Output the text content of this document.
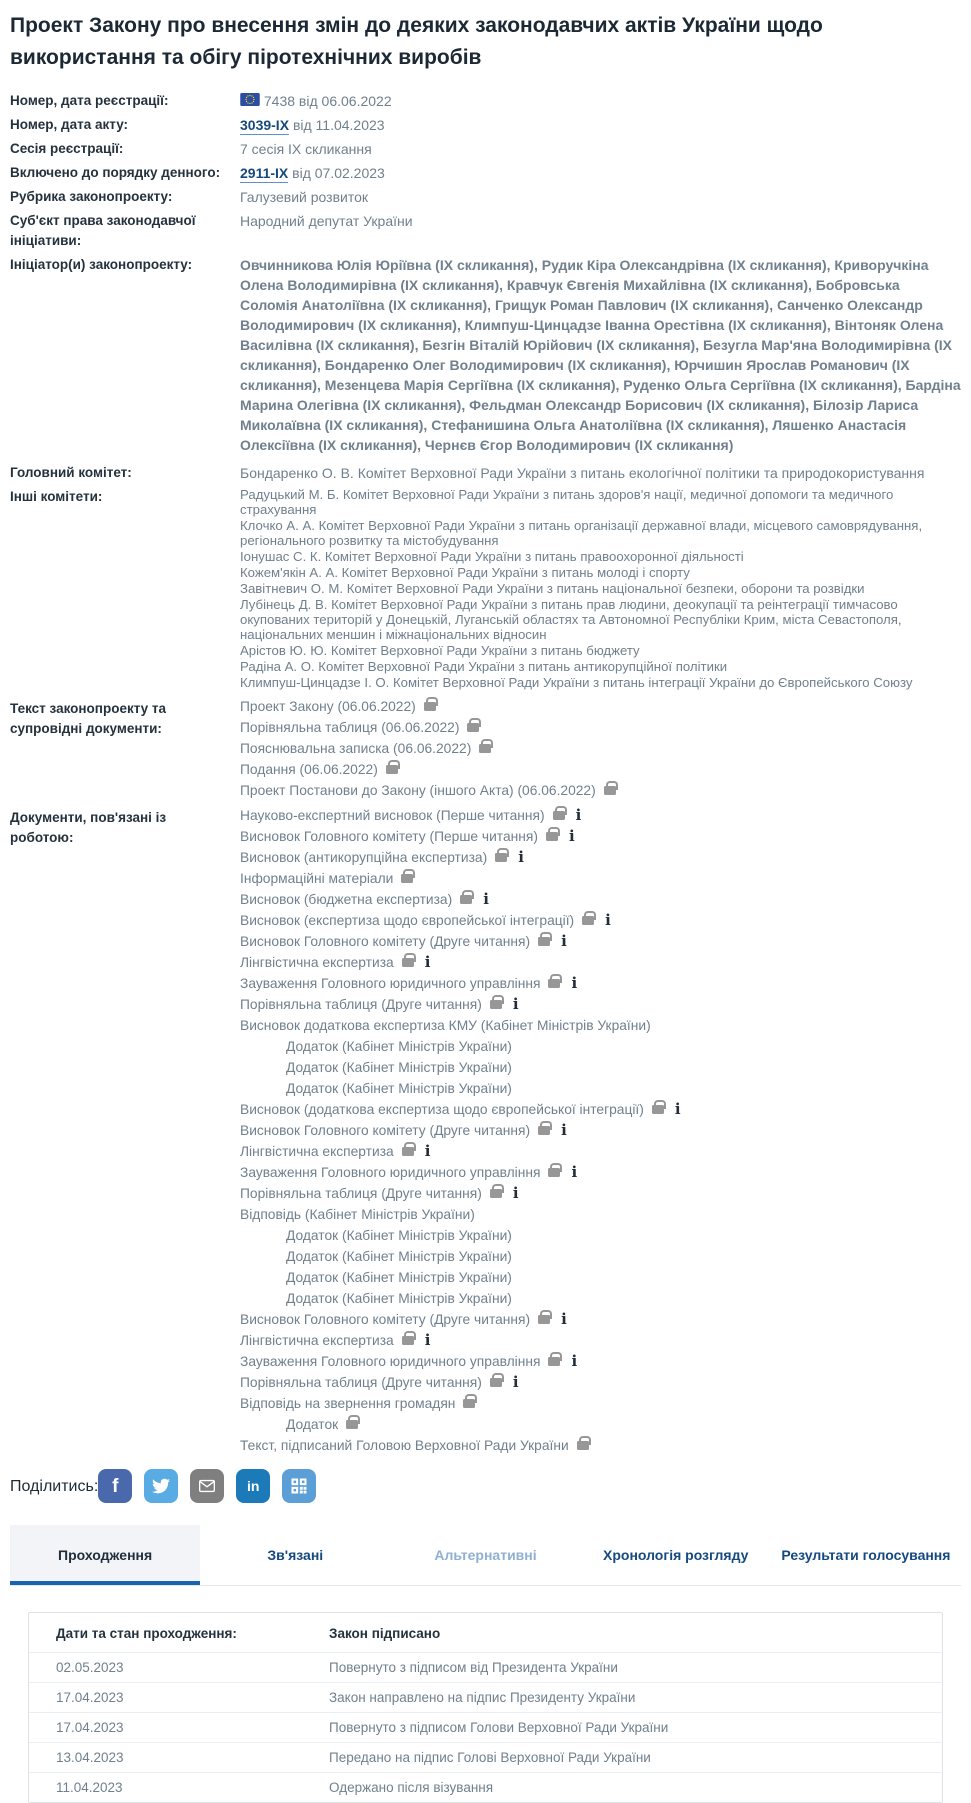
Проект Закону про внесення змін до деяких законодавчих актів України щодо використання та обігу піротехнічних виробів
Номер, дата реєстрації:	7438 від 06.06.2022
Номер, дата акту:	3039-IX від 11.04.2023
Сесія реєстрації:	7 сесія IX скликання
Включено до порядку денного:	2911-IX від 07.02.2023
Рубрика законопроекту:	Галузевий розвиток
Суб'єкт права законодавчої ініціативи:
Народний депутат України
Ініціатор(и) законопроекту:	Овчинникова Юлія Юріївна (ІХ скликання), Рудик Кіра Олександрівна (ІХ скликання), Криворучкіна Олена Володимирівна (ІХ скликання), Кравчук Євгенія Михайлівна (ІХ скликання), Бобровська Соломія Анатоліївна (ІХ скликання), Грищук Роман Павлович (ІХ скликання), Санченко Олександр Володимирович (ІХ скликання), Климпуш-Цинцадзе Іванна Орестівна (ІХ скликання), Вінтоняк Олена Василівна (ІХ скликання), Безгін Віталій Юрійович (ІХ скликання), Безугла Мар'яна Володимирівна (ІХ скликання), Бондаренко Олег Володимирович (ІХ скликання), Юрчишин Ярослав Романович (ІХ скликання), Мезенцева Марія Сергіївна (ІХ скликання), Руденко Ольга Сергіївна (ІХ скликання), Бардіна Марина Олегівна (ІХ скликання), Фельдман Олександр Борисович (ІХ скликання), Білозір Лариса Миколаївна (ІХ скликання), Стефанишина Ольга Анатоліївна (ІХ скликання), Ляшенко Анастасія Олексіївна (ІХ скликання), Чернєв Єгор Володимирович (ІХ скликання)
Головний комітет:	Бондаренко О. В. Комітет Верховної Ради України з питань екологічної політики та природокористування
Інші комітети:	Радуцький М. Б. Комітет Верховної Ради України з питань здоров'я нації, медичної допомоги та медичного страхування
Клочко А. А. Комітет Верховної Ради України з питань організації державної влади, місцевого самоврядування, регіонального розвитку та містобудування
Іонушас С. К. Комітет Верховної Ради України з питань правоохоронної діяльності
Кожем'якін А. А. Комітет Верховної Ради України з питань молоді і спорту
Завітневич О. М. Комітет Верховної Ради України з питань національної безпеки, оборони та розвідки
Лубінець Д. В. Комітет Верховної Ради України з питань прав людини, деокупації та реінтеграції тимчасово окупованих територій у Донецькій, Луганській областях та Автономної Республіки Крим, міста Севастополя, національних меншин і міжнаціональних відносин
Арістов Ю. Ю. Комітет Верховної Ради України з питань бюджету
Радіна А. О. Комітет Верховної Ради України з питань антикорупційної політики
Климпуш-Цинцадзе І. О. Комітет Верховної Ради України з питань інтеграції України до Європейського Союзу
Текст законопроекту та супровідні документи:
Проект Закону (06.06.2022)
Порівняльна таблиця (06.06.2022)
Пояснювальна записка (06.06.2022)
Подання (06.06.2022)
Проект Постанови до Закону (іншого Акта) (06.06.2022)
Документи, пов'язані із роботою:
Науково-експертний висновок (Перше читання) i
Висновок Головного комітету (Перше читання) i
Висновок (антикорупційна експертиза) i
Інформаційні матеріали
Висновок (бюджетна експертиза) i
Висновок (експертиза щодо європейської інтеграції) i
Висновок Головного комітету (Друге читання) i
Лінгвістична експертиза i
Зауваження Головного юридичного управління i
Порівняльна таблиця (Друге читання) i
Висновок додаткова експертиза КМУ (Кабінет Міністрів України)
Додаток (Кабінет Міністрів України)
Додаток (Кабінет Міністрів України)
Додаток (Кабінет Міністрів України)
Висновок (додаткова експертиза щодо європейської інтеграції) i
Висновок Головного комітету (Друге читання) i
Лінгвістична експертиза i
Зауваження Головного юридичного управління i
Порівняльна таблиця (Друге читання) i
Відповідь (Кабінет Міністрів України)
Додаток (Кабінет Міністрів України)
Додаток (Кабінет Міністрів України)
Додаток (Кабінет Міністрів України)
Додаток (Кабінет Міністрів України)
Висновок Головного комітету (Друге читання) i
Лінгвістична експертиза i
Зауваження Головного юридичного управління i
Порівняльна таблиця (Друге читання) i
Відповідь на звернення громадян
Додаток
Текст, підписаний Головою Верховної Ради України
Поділитись: f	in
Проходження	Зв'язані	Альтернативні	Хронологія розгляду Результати голосування
Дати та стан проходження:	Закон підписано
02.05.2023	Повернуто з підписом від Президента України
17.04.2023	Закон направлено на підпис Президенту України
17.04.2023	Повернуто з підписом Голови Верховної Ради України
13.04.2023	Передано на підпис Голові Верховної Ради України
11.04.2023	Одержано після візування
